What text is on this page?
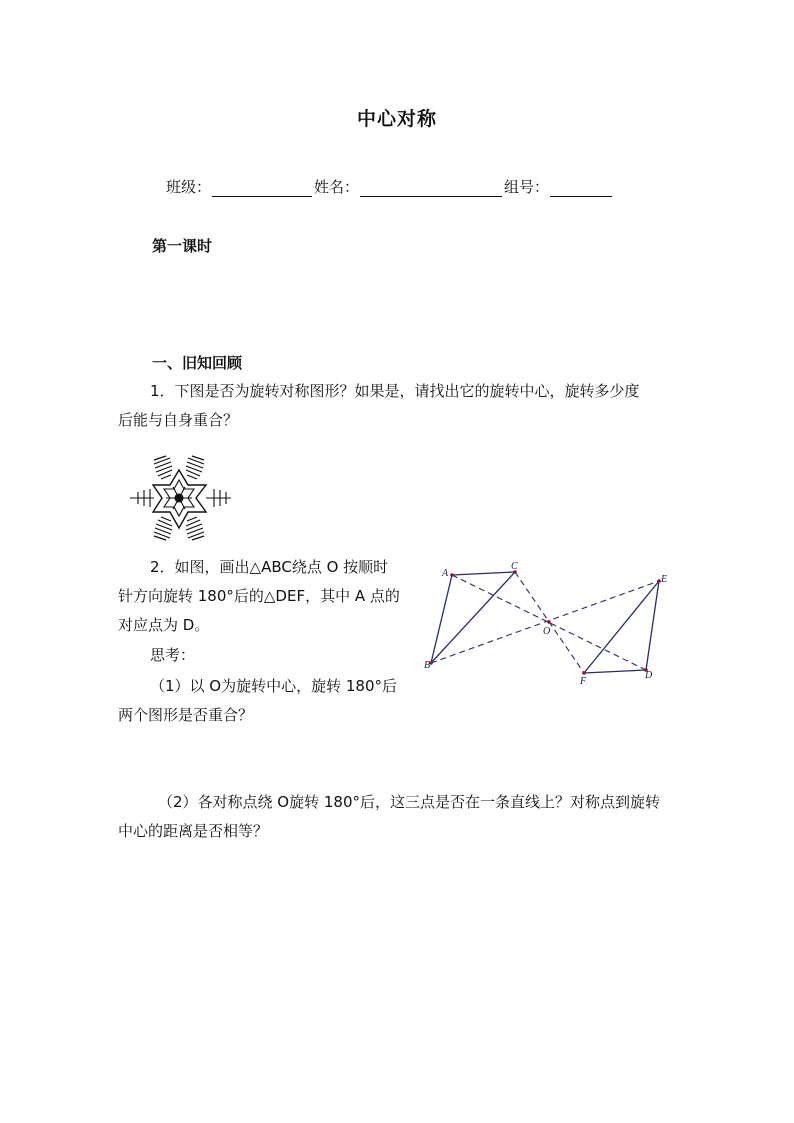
中心对称
班级：	姓名：	组号：
第一课时
一、旧知回顾
1．下图是否为旋转对称图形？如果是，请找出它的旋转中心，旋转多少度
后能与自身重合？
2．如图，画出△ABC绕点 O 按顺时
针方向旋转 180°后的△DEF，其中 A 点的
对应点为 D。
思考：
（1）以 O为旋转中心，旋转 180°后
两个图形是否重合？
A
C
B
E
D
F
O
（2）各对称点绕 O旋转 180°后，这三点是否在一条直线上？对称点到旋转
中心的距离是否相等？
